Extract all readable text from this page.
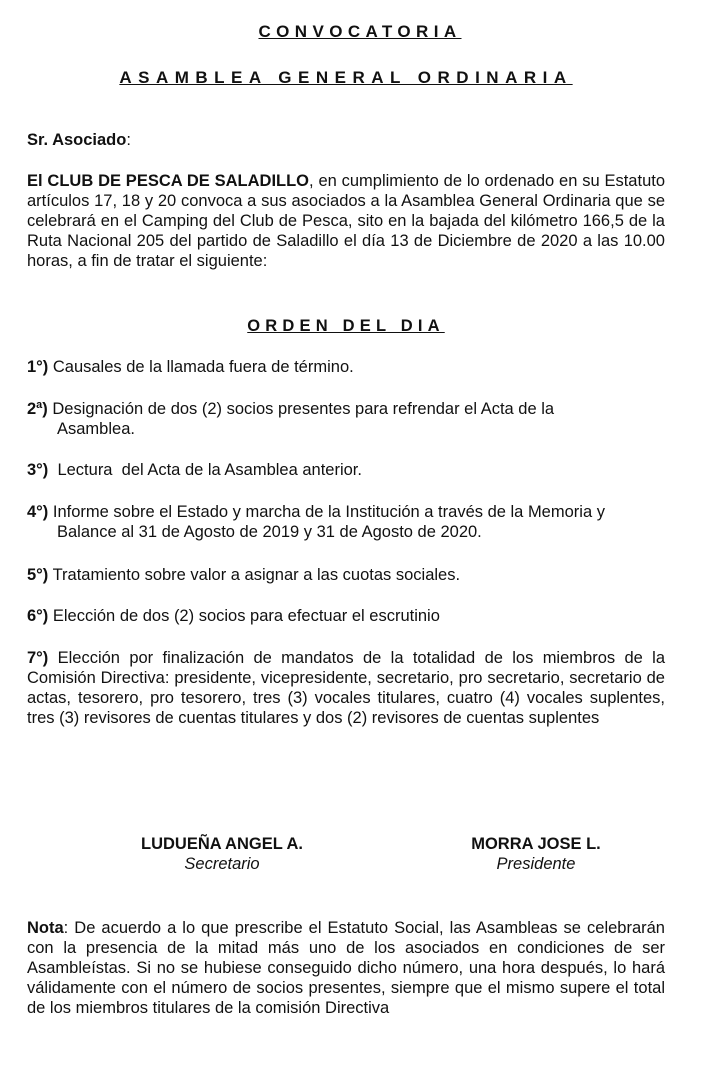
CONVOCATORIA
ASAMBLEA GENERAL ORDINARIA
Sr. Asociado:

El CLUB DE PESCA DE SALADILLO, en cumplimiento de lo ordenado en su Estatuto artículos 17, 18 y 20 convoca a sus asociados a la Asamblea General Ordinaria que se celebrará en el Camping del Club de Pesca, sito en la bajada del kilómetro 166,5 de la Ruta Nacional 205 del partido de Saladillo el día 13 de Diciembre de 2020 a las 10.00 horas, a fin de tratar el siguiente:

ORDEN DEL DIA
1°) Causales de la llamada fuera de término.
2ª) Designación de dos (2) socios presentes para refrendar el Acta de la
Asamblea.
3°)  Lectura  del Acta de la Asamblea anterior.
4°) Informe sobre el Estado y marcha de la Institución a través de la Memoria y
Balance al 31 de Agosto de 2019 y 31 de Agosto de 2020.
5°) Tratamiento sobre valor a asignar a las cuotas sociales.
6°) Elección de dos (2) socios para efectuar el escrutinio
7°) Elección por finalización de mandatos de la totalidad de los miembros de la Comisión Directiva: presidente, vicepresidente, secretario, pro secretario, secretario de actas, tesorero, pro tesorero, tres (3) vocales titulares, cuatro (4) vocales suplentes, tres (3) revisores de cuentas titulares y dos (2) revisores de cuentas suplentes
LUDUEÑA ANGEL A.
Secretario
MORRA JOSE L.
Presidente

Nota: De acuerdo a lo que prescribe el Estatuto Social, las Asambleas se celebrarán con la presencia de la mitad más uno de los asociados en condiciones de ser Asambleístas. Si no se hubiese conseguido dicho número, una hora después, lo hará válidamente con el número de socios presentes, siempre que el mismo supere el total de los miembros titulares de la comisión Directiva
